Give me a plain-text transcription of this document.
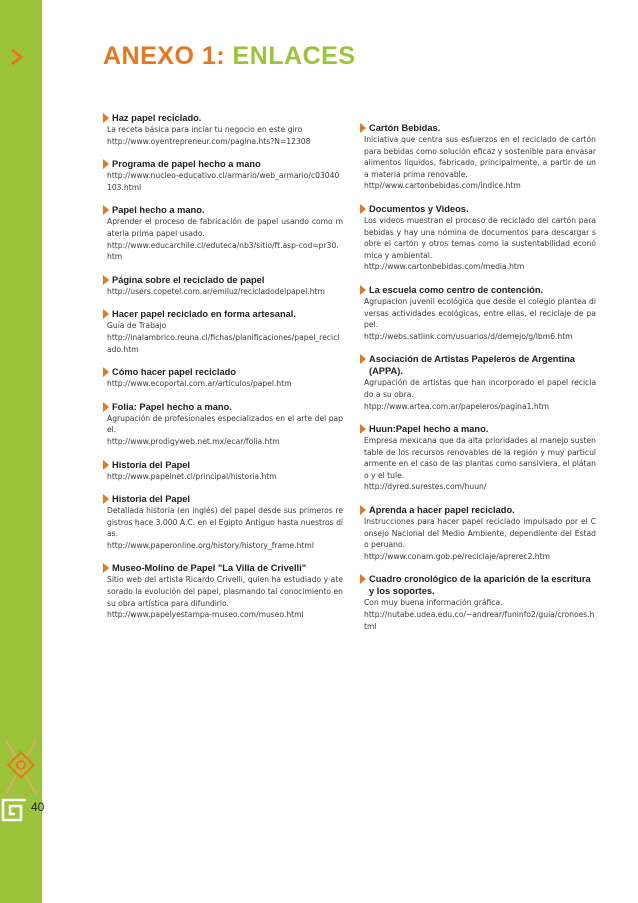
40
ANEXO 1: ENLACES
Haz papel reciclado.
La receta básica para inciar tu negocio en este giro
http://www.oyentrepreneur.com/pagina.hts?N=12308
Programa de papel hecho a mano
http://www.nucleo-educativo.cl/armario/web_armario/c03040103.html
Papel hecho a mano.
Aprender el proceso de fabricación de papel usando como materia prima papel usado.
http://www.educarchile.cl/eduteca/nb3/sitio/ft.asp-cod=pr30.htm
Página sobre el reciclado de papel
http://users.copetel.com.ar/emiluz/recicladodelpapel.htm
Hacer papel reciclado en forma artesanal.
Guía de Trabajo
http://inalambrico.reuna.cl/fichas/planificaciones/papel_reciclado.htm
Cómo hacer papel reciclado
http://www.ecoportal.com.ar/articulos/papel.htm
Folia: Papel hecho a mano.
Agrupación de profesionales especializados en el arte del papel.
http://www.prodigyweb.net.mx/ecar/folia.htm
Historia del Papel
http://www.papelnet.cl/principal/historia.htm
Historia del Papel
Detallada historia (en inglés) del papel desde sus primeros registros hace 3.000 A.C. en el Egipto Antiguo hasta nuestros días.
http://www.paperonline.org/history/history_frame.html
Museo-Molino de Papel "La Villa de Crivelli"
Sitio web del artista Ricardo Crivelli, quien ha estudiado y atesorado la evolución del papel, plasmando tal conocimiento en su obra artística para difundirlo.
http://www.papelyestampa-museo.com/museo.html
Cartón Bebidas.
Iniciativa que centra sus esfuerzos en el reciclado de cartón para bebidas como solución eficaz y sostenible para envasar alimentos líquidos, fabricado, principalmente, a partir de una materia prima renovable.
http//www.cartonbebidas.com/indice.htm
Documentos y Videos.
Los videos muestran el proceso de reciclado del cartón para bebidas y hay una nómina de documentos para descargar sobre el cartón y otros temas como la sustentabilidad económica y ambiental.
http://www.cartonbebidas.com/media.htm
La escuela como centro de contención.
Agrupacion juvenil ecológica que desde el colegio plantea diversas actividades ecológicas, entre ellas, el reciclaje de papel.
http://webs.satlink.com/usuarios/d/demejo/g/lbm6.htm
Asociación de Artistas Papeleros de Argentina (APPA).
Agrupación de artistas que han incorporado el papel reciclado a su obra.
htpp://www.artea.com.ar/papeleros/pagina1.htm
Huun:Papel hecho a mano.
Empresa mexicana que da alta prioridades al manejo sustentable de los recursos renovables de la región y muy particularmente en el caso de las plantas como sansiviera, el plátano y el tule.
http://dyred.surestes.com/huun/
Aprenda a hacer papel reciclado.
Instrucciones para hacer papel reciclado impulsado por el Consejo Nacional del Medio Ambiente, dependiente del Estado peruano.
http://www.conam.gob.pe/reciclaje/aprerec2.htm
Cuadro cronológico de la aparición de la escritura y los soportes.
Con muy buena información gráfica.
http://nutabe.udea.edu.co/~andrear/funinfo2/guia/cronoes.html
